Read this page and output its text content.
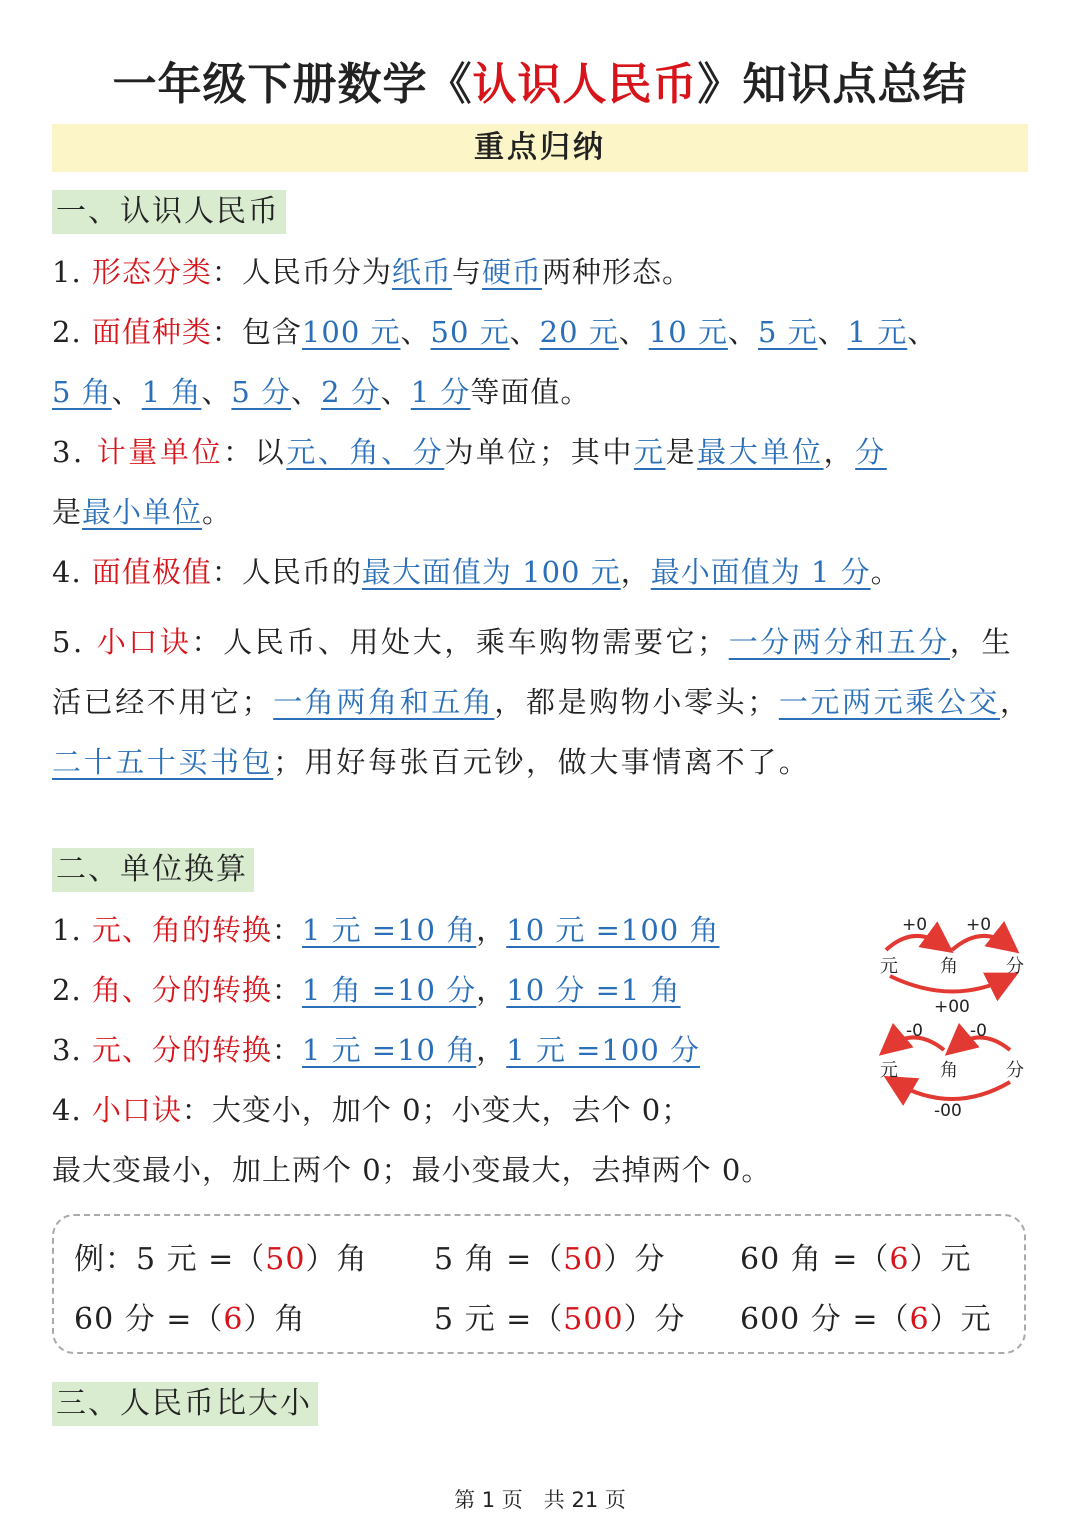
一年级下册数学《认识人民币》知识点总结
重点归纳
一、认识人民币
1. 形态分类：人民币分为纸币与硬币两种形态。
2. 面值种类：包含100 元、50 元、20 元、10 元、5 元、1 元、
5 角、1 角、5 分、2 分、1 分等面值。
3. 计量单位：以元、角、分为单位；其中元是最大单位，分
是最小单位。
4. 面值极值：人民币的最大面值为 100 元，最小面值为 1 分。
5. 小口诀：人民币、用处大，乘车购物需要它；一分两分和五分，生活已经不用它；一角两角和五角，都是购物小零头；一元两元乘公交，二十五十买书包；用好每张百元钞，做大事情离不了。
二、单位换算
1. 元、角的转换：1 元 =10 角，10 元 =100 角
2. 角、分的转换：1 角 =10 分，10 分 =1 角
3. 元、分的转换：1 元 =10 角，1 元 =100 分
4. 小口诀：大变小，加个 0；小变大，去个 0；
最大变最小，加上两个 0；最小变最大，去掉两个 0。
+0 +0
元 角	分
+00
-0	-0
元 角	分
-00
例：5 元 =（50）角 5 角 =（50）分 60 角 =（6）元
60 分 =（6）角	5 元 =（500）分 600 分 =（6）元
三、人民币比大小
第 1 页　共 21 页
